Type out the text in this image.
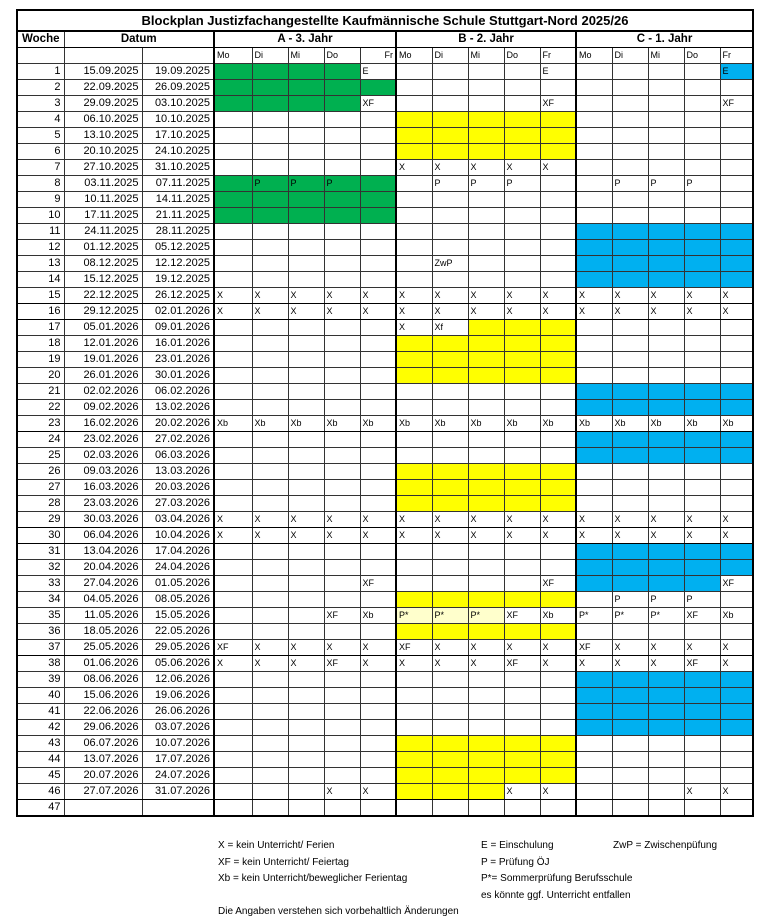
Blockplan Justizfachangestellte Kaufmännische Schule Stuttgart-Nord 2025/26																	
Woche	Datum		A - 3. Jahr					B - 2. Jahr					C - 1. Jahr				
			Mo	Di	Mi	Do	Fr	Mo	Di	Mi	Do	Fr	Mo	Di	Mi	Do	Fr
1	15.09.2025	19.09.2025					E					E					E
2	22.09.2025	26.09.2025															
3	29.09.2025	03.10.2025					XF					XF					XF
4	06.10.2025	10.10.2025															
5	13.10.2025	17.10.2025															
6	20.10.2025	24.10.2025															
7	27.10.2025	31.10.2025						X	X	X	X	X					
8	03.11.2025	07.11.2025		P	P	P			P	P	P			P	P	P	
9	10.11.2025	14.11.2025															
10	17.11.2025	21.11.2025															
11	24.11.2025	28.11.2025															
12	01.12.2025	05.12.2025															
13	08.12.2025	12.12.2025							ZwP								
14	15.12.2025	19.12.2025															
15	22.12.2025	26.12.2025	X	X	X	X	X	X	X	X	X	X	X	X	X	X	X
16	29.12.2025	02.01.2026	X	X	X	X	X	X	X	X	X	X	X	X	X	X	X
17	05.01.2026	09.01.2026						X	Xf								
18	12.01.2026	16.01.2026															
19	19.01.2026	23.01.2026															
20	26.01.2026	30.01.2026															
21	02.02.2026	06.02.2026															
22	09.02.2026	13.02.2026															
23	16.02.2026	20.02.2026	Xb	Xb	Xb	Xb	Xb	Xb	Xb	Xb	Xb	Xb	Xb	Xb	Xb	Xb	Xb
24	23.02.2026	27.02.2026															
25	02.03.2026	06.03.2026															
26	09.03.2026	13.03.2026															
27	16.03.2026	20.03.2026															
28	23.03.2026	27.03.2026															
29	30.03.2026	03.04.2026	X	X	X	X	X	X	X	X	X	X	X	X	X	X	X
30	06.04.2026	10.04.2026	X	X	X	X	X	X	X	X	X	X	X	X	X	X	X
31	13.04.2026	17.04.2026															
32	20.04.2026	24.04.2026															
33	27.04.2026	01.05.2026					XF					XF					XF
34	04.05.2026	08.05.2026												P	P	P	
35	11.05.2026	15.05.2026				XF	Xb	P*	P*	P*	XF	Xb	P*	P*	P*	XF	Xb
36	18.05.2026	22.05.2026															
37	25.05.2026	29.05.2026	XF	X	X	X	X	XF	X	X	X	X	XF	X	X	X	X
38	01.06.2026	05.06.2026	X	X	X	XF	X	X	X	X	XF	X	X	X	X	XF	X
39	08.06.2026	12.06.2026															
40	15.06.2026	19.06.2026															
41	22.06.2026	26.06.2026															
42	29.06.2026	03.07.2026															
43	06.07.2026	10.07.2026															
44	13.07.2026	17.07.2026															
45	20.07.2026	24.07.2026															
46	27.07.2026	31.07.2026				X	X				X	X				X	X
47																	
X = kein Unterricht/ Ferien
XF = kein Unterricht/ Feiertag
Xb = kein Unterricht/beweglicher Ferientag
E = Einschulung
P = Prüfung ÖJ
P*= Sommerprüfung Berufsschule
es könnte ggf. Unterricht entfallen
ZwP = Zwischenpüfung
Die Angaben verstehen sich vorbehaltlich Änderungen
